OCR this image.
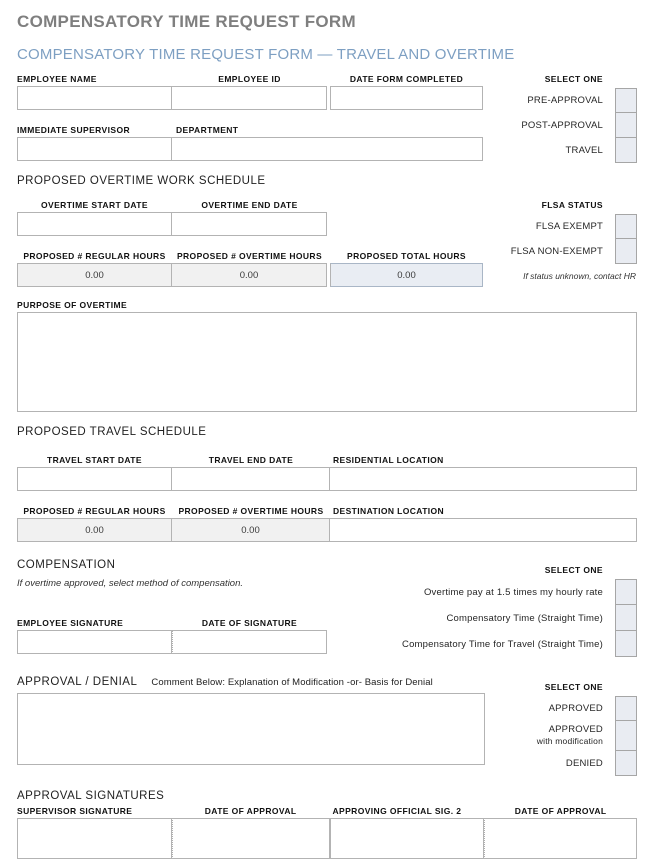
COMPENSATORY TIME REQUEST FORM
COMPENSATORY TIME REQUEST FORM — TRAVEL AND OVERTIME
EMPLOYEE NAME	EMPLOYEE ID	DATE FORM COMPLETED
IMMEDIATE SUPERVISOR	DEPARTMENT
SELECT ONE
PRE-APPROVAL
POST-APPROVAL
TRAVEL
PROPOSED OVERTIME WORK SCHEDULE
OVERTIME START DATE	OVERTIME END DATE
PROPOSED # REGULAR HOURS	PROPOSED # OVERTIME HOURS	PROPOSED TOTAL HOURS
0.00	0.00	0.00
FLSA STATUS
FLSA EXEMPT
FLSA NON-EXEMPT
If status unknown, contact HR
PURPOSE OF OVERTIME
PROPOSED TRAVEL SCHEDULE
TRAVEL START DATE	TRAVEL END DATE	RESIDENTIAL LOCATION
PROPOSED # REGULAR HOURS	PROPOSED # OVERTIME HOURS	DESTINATION LOCATION
0.00	0.00
COMPENSATION
If overtime approved, select method of compensation.
EMPLOYEE SIGNATURE	DATE OF SIGNATURE
SELECT ONE
Overtime pay at 1.5 times my hourly rate
Compensatory Time (Straight Time)
Compensatory Time for Travel (Straight Time)
APPROVAL / DENIAL Comment Below: Explanation of Modification -or- Basis for Denial	SELECT ONE
APPROVED
APPROVED
with modification
DENIED
APPROVAL SIGNATURES
SUPERVISOR SIGNATURE	DATE OF APPROVAL	APPROVING OFFICIAL SIG. 2	DATE OF APPROVAL
